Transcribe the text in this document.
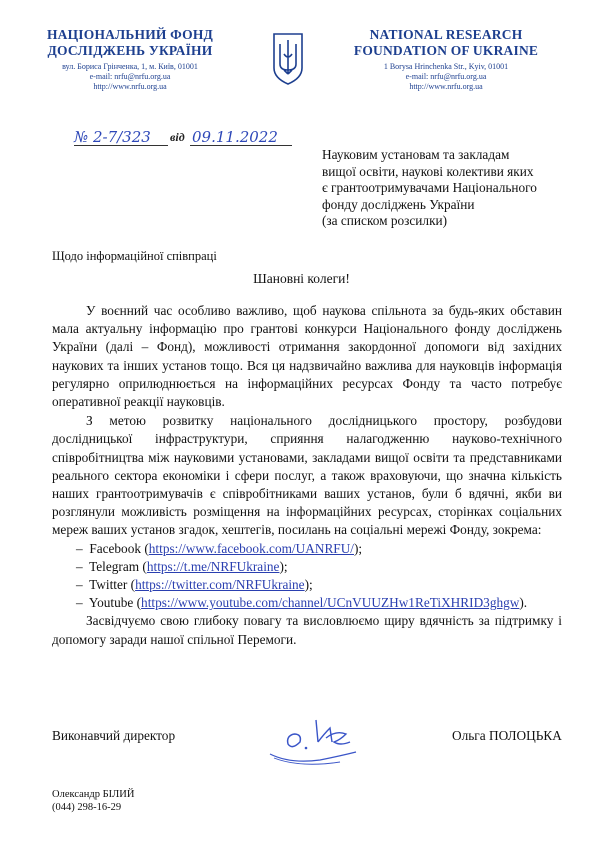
НАЦІОНАЛЬНИЙ ФОНД
ДОСЛІДЖЕНЬ УКРАЇНИ
вул. Бориса Грінченка, 1, м. Київ, 01001
e-mail: nrfu@nrfu.org.ua
http://www.nrfu.org.ua
NATIONAL RESEARCH
FOUNDATION OF UKRAINE
1 Borysa Hrinchenka Str., Kyiv, 01001
e-mail: nrfu@nrfu.org.ua
http://www.nrfu.org.ua
№ 2-7/323 від 09.11.2022
Науковим установам та закладам
вищої освіти, наукові колективи яких
є грантоотримувачами Національного
фонду досліджень України
(за списком розсилки)
Щодо інформаційної співпраці
Шановні колеги!

У воєнний час особливо важливо, щоб наукова спільнота за будь-яких обставин мала актуальну інформацію про грантові конкурси Національного фонду досліджень України (далі – Фонд), можливості отримання закордонної допомоги від західних наукових та інших установ тощо. Вся ця надзвичайно важлива для науковців інформація регулярно оприлюднюється на інформаційних ресурсах Фонду та часто потребує оперативної реакції науковців.

З метою розвитку національного дослідницького простору, розбудови дослідницької інфраструктури, сприяння налагодженню науково-технічного співробітництва між науковими установами, закладами вищої освіти та представниками реального сектора економіки і сфери послуг, а також враховуючи, що значна кількість наших грантоотримувачів є співробітниками ваших установ, були б вдячні, якби ви розглянули можливість розміщення на інформаційних ресурсах, сторінках соціальних мереж ваших установ згадок, хештегів, посилань на соціальні мережі Фонду, зокрема:

– Facebook (https://www.facebook.com/UANRFU/);
– Telegram (https://t.me/NRFUkraine);
– Twitter (https://twitter.com/NRFUkraine);
– Youtube (https://www.youtube.com/channel/UCnVUUZHw1ReTiXHRID3ghgw).

Засвідчуємо свою глибоку повагу та висловлюємо щиру вдячність за підтримку і допомогу заради нашої спільної Перемоги.

Виконавчий директор	Ольга ПОЛОЦЬКА
Олександр БІЛИЙ
(044) 298-16-29
